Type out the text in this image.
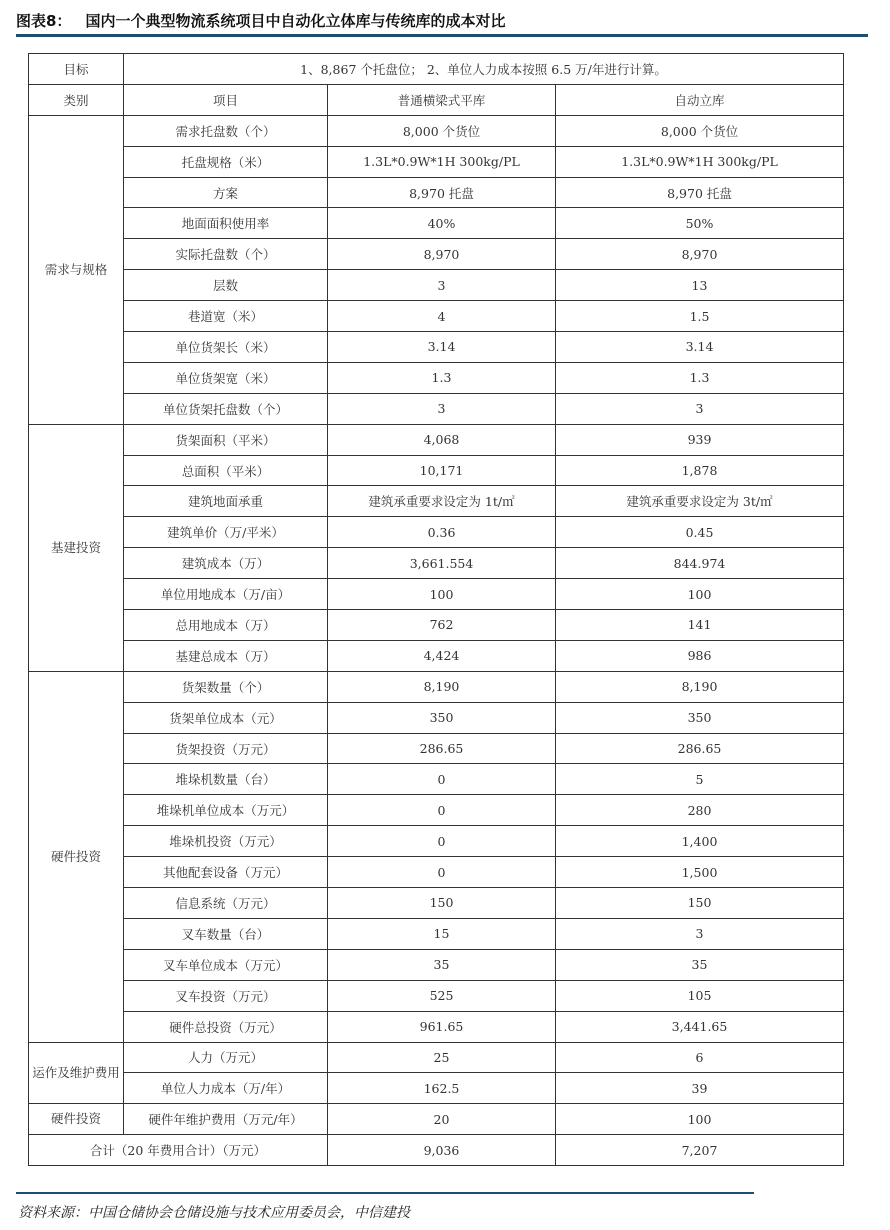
图表8： 国内一个典型物流系统项目中自动化立体库与传统库的成本对比
目标	1、8,867 个托盘位； 2、单位人力成本按照 6.5 万/年进行计算。		
类别	项目	普通横梁式平库	自动立库
需求与规格	需求托盘数（个）	8,000 个货位	8,000 个货位
	托盘规格（米）	1.3L*0.9W*1H 300kg/PL	1.3L*0.9W*1H 300kg/PL
	方案	8,970 托盘	8,970 托盘
	地面面积使用率	40%	50%
	实际托盘数（个）	8,970	8,970
	层数	3	13
	巷道宽（米）	4	1.5
	单位货架长（米）	3.14	3.14
	单位货架宽（米）	1.3	1.3
	单位货架托盘数（个）	3	3
基建投资	货架面积（平米）	4,068	939
	总面积（平米）	10,171	1,878
	建筑地面承重	建筑承重要求设定为 1t/㎡	建筑承重要求设定为 3t/㎡
	建筑单价（万/平米）	0.36	0.45
	建筑成本（万）	3,661.554	844.974
	单位用地成本（万/亩）	100	100
	总用地成本（万）	762	141
	基建总成本（万）	4,424	986
硬件投资	货架数量（个）	8,190	8,190
	货架单位成本（元）	350	350
	货架投资（万元）	286.65	286.65
	堆垛机数量（台）	0	5
	堆垛机单位成本（万元）	0	280
	堆垛机投资（万元）	0	1,400
	其他配套设备（万元）	0	1,500
	信息系统（万元）	150	150
	叉车数量（台）	15	3
	叉车单位成本（万元）	35	35
	叉车投资（万元）	525	105
	硬件总投资（万元）	961.65	3,441.65
运作及维护费用	人力（万元）	25	6
	单位人力成本（万/年）	162.5	39
硬件投资	硬件年维护费用（万元/年）	20	100
合计（20 年费用合计）（万元）		9,036	7,207
资料来源：中国仓储协会仓储设施与技术应用委员会，中信建投
